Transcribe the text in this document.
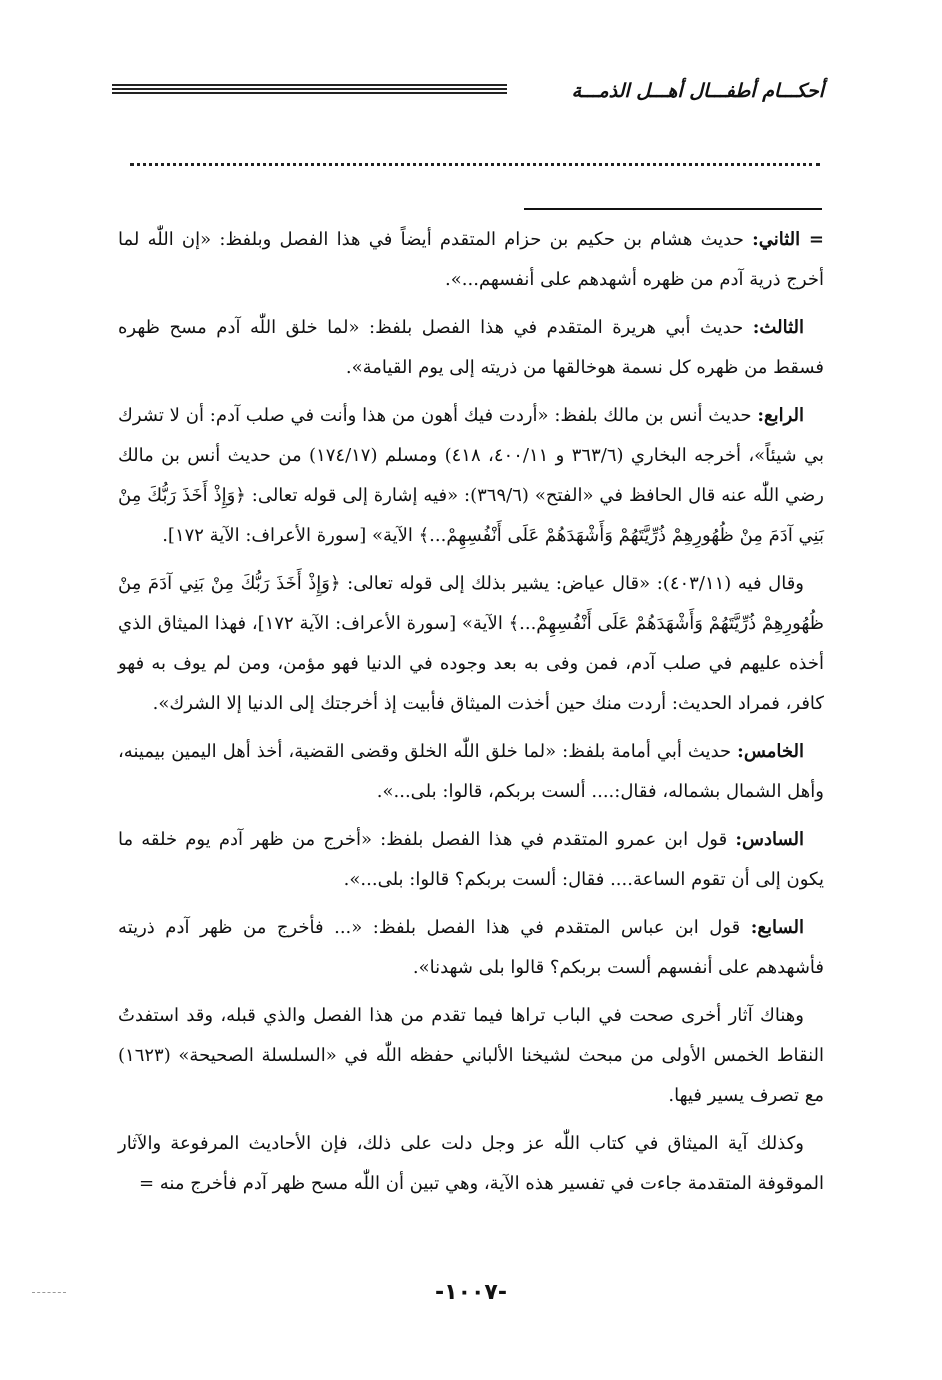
أحكـــام أطفـــال أهـــل الذمـــة

= الثاني: حديث هشام بن حكيم بن حزام المتقدم أيضاً في هذا الفصل وبلفظ: «إن اللّٰه لما أخرج ذرية آدم من ظهره أشهدهم على أنفسهم...».

الثالث: حديث أبي هريرة المتقدم في هذا الفصل بلفظ: «لما خلق اللّٰه آدم مسح ظهره فسقط من ظهره كل نسمة هوخالقها من ذريته إلى يوم القيامة».

الرابع: حديث أنس بن مالك بلفظ: «أردت فيك أهون من هذا وأنت في صلب آدم: أن لا تشرك بي شيئاً»، أخرجه البخاري (٣٦٣/٦ و ٤٠٠/١١، ٤١٨) ومسلم (١٧٤/١٧) من حديث أنس بن مالك رضي اللّٰه عنه قال الحافظ في «الفتح» (٣٦٩/٦): «فيه إشارة إلى قوله تعالى: ﴿وَإِذْ أَخَذَ رَبُّكَ مِنْ بَنِي آدَمَ مِنْ ظُهُورِهِمْ ذُرِّيَّتَهُمْ وَأَشْهَدَهُمْ عَلَى أَنْفُسِهِمْ...﴾ الآية» [سورة الأعراف: الآية ١٧٢].

وقال فيه (٤٠٣/١١): «قال عياض: يشير بذلك إلى قوله تعالى: ﴿وَإِذْ أَخَذَ رَبُّكَ مِنْ بَنِي آدَمَ مِنْ ظُهُورِهِمْ ذُرِّيَّتَهُمْ وَأَشْهَدَهُمْ عَلَى أَنْفُسِهِمْ...﴾ الآية» [سورة الأعراف: الآية ١٧٢]، فهذا الميثاق الذي أخذه عليهم في صلب آدم، فمن وفى به بعد وجوده في الدنيا فهو مؤمن، ومن لم يوف به فهو كافر، فمراد الحديث: أردت منك حين أخذت الميثاق فأبيت إذ أخرجتك إلى الدنيا إلا الشرك».

الخامس: حديث أبي أمامة بلفظ: «لما خلق اللّٰه الخلق وقضى القضية، أخذ أهل اليمين بيمينه، وأهل الشمال بشماله، فقال:.... ألست بربكم، قالوا: بلى...».

السادس: قول ابن عمرو المتقدم في هذا الفصل بلفظ: «أخرج من ظهر آدم يوم خلقه ما يكون إلى أن تقوم الساعة.... فقال: ألست بربكم؟ قالوا: بلى...».

السابع: قول ابن عباس المتقدم في هذا الفصل بلفظ: «... فأخرج من ظهر آدم ذريته فأشهدهم على أنفسهم ألست بربكم؟ قالوا بلى شهدنا».

وهناك آثار أخرى صحت في الباب تراها فيما تقدم من هذا الفصل والذي قبله، وقد استفدتُ النقاط الخمس الأولى من مبحث لشيخنا الألباني حفظه اللّٰه في «السلسلة الصحيحة» (١٦٢٣) مع تصرف يسير فيها.

وكذلك آية الميثاق في كتاب اللّٰه عز وجل دلت على ذلك، فإن الأحاديث المرفوعة والآثار الموقوفة المتقدمة جاءت في تفسير هذه الآية، وهي تبين أن اللّٰه مسح ظهر آدم فأخرج منه =

-١٠٠٧-
